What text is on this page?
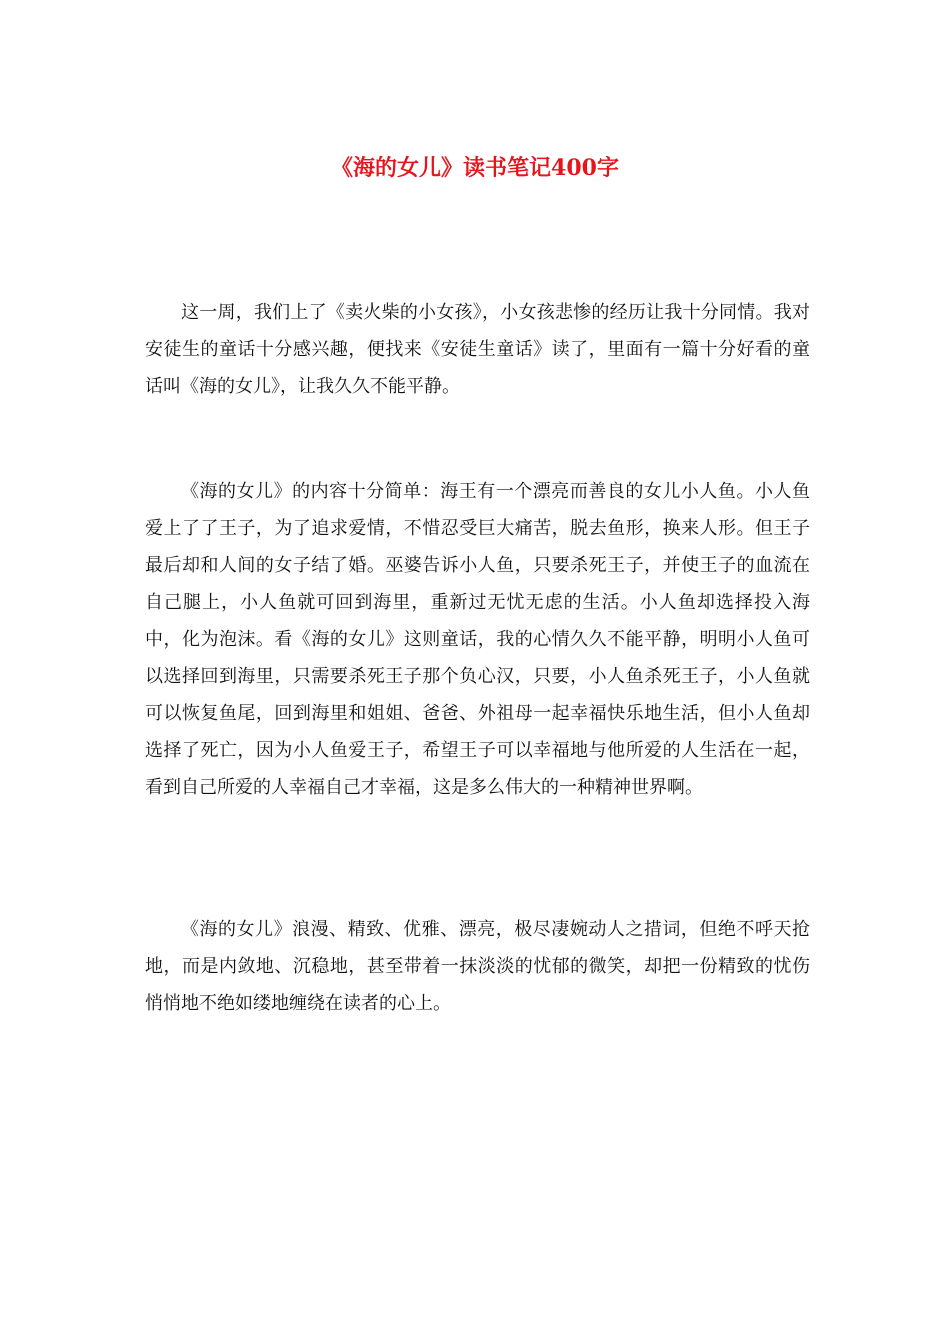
《海的女儿》读书笔记400字

这一周，我们上了《卖火柴的小女孩》，小女孩悲惨的经历让我十分同情。我对安徒生的童话十分感兴趣，便找来《安徒生童话》读了，里面有一篇十分好看的童话叫《海的女儿》，让我久久不能平静。

《海的女儿》的内容十分简单：海王有一个漂亮而善良的女儿小人鱼。小人鱼爱上了了王子，为了追求爱情，不惜忍受巨大痛苦，脱去鱼形，换来人形。但王子最后却和人间的女子结了婚。巫婆告诉小人鱼，只要杀死王子，并使王子的血流在自己腿上，小人鱼就可回到海里，重新过无忧无虑的生活。小人鱼却选择投入海中，化为泡沫。看《海的女儿》这则童话，我的心情久久不能平静，明明小人鱼可以选择回到海里，只需要杀死王子那个负心汉，只要，小人鱼杀死王子，小人鱼就可以恢复鱼尾，回到海里和姐姐、爸爸、外祖母一起幸福快乐地生活，但小人鱼却选择了死亡，因为小人鱼爱王子，希望王子可以幸福地与他所爱的人生活在一起，看到自己所爱的人幸福自己才幸福，这是多么伟大的一种精神世界啊。

《海的女儿》浪漫、精致、优雅、漂亮，极尽凄婉动人之措词，但绝不呼天抢地，而是内敛地、沉稳地，甚至带着一抹淡淡的忧郁的微笑，却把一份精致的忧伤悄悄地不绝如缕地缠绕在读者的心上。
